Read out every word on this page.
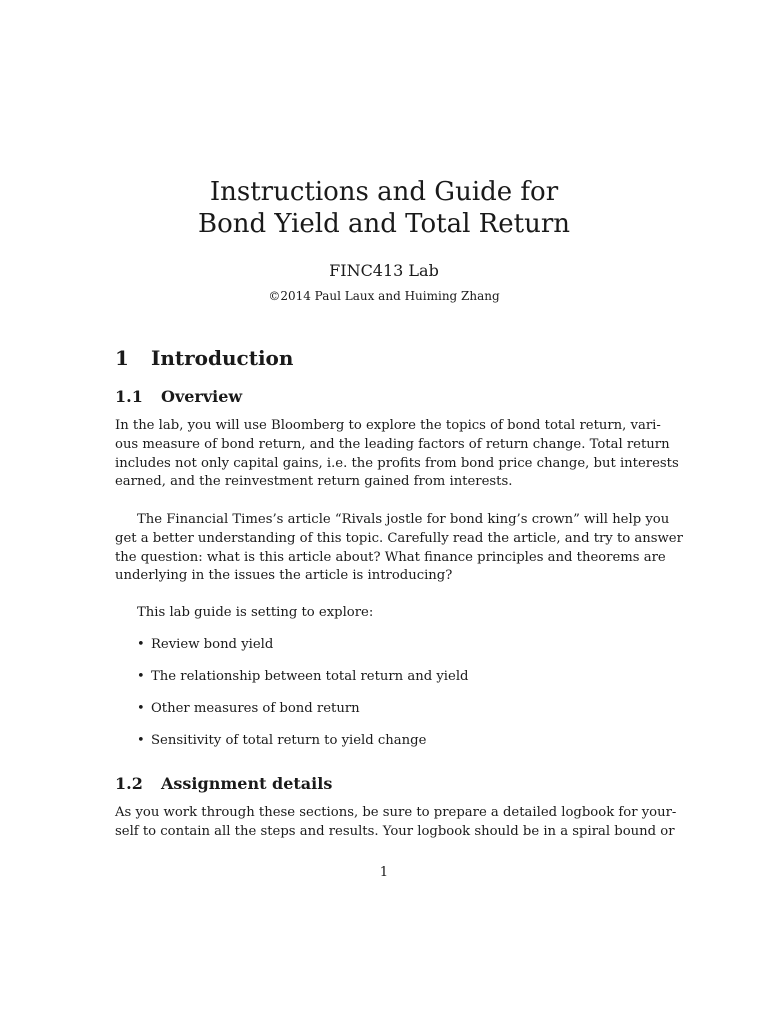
Instructions and Guide for
Bond Yield and Total Return
FINC413 Lab
©2014 Paul Laux and Huiming Zhang
1 Introduction
1.1 Overview

In the lab, you will use Bloomberg to explore the topics of bond total return, vari-
ous measure of bond return, and the leading factors of return change. Total return
includes not only capital gains, i.e. the profits from bond price change, but interests
earned, and the reinvestment return gained from interests.

The Financial Times’s article “Rivals jostle for bond king’s crown” will help you
get a better understanding of this topic. Carefully read the article, and try to answer
the question: what is this article about? What finance principles and theorems are
underlying in the issues the article is introducing?

This lab guide is setting to explore:

• Review bond yield
• The relationship between total return and yield
• Other measures of bond return
• Sensitivity of total return to yield change
1.2 Assignment details

As you work through these sections, be sure to prepare a detailed logbook for your-
self to contain all the steps and results. Your logbook should be in a spiral bound or

1
